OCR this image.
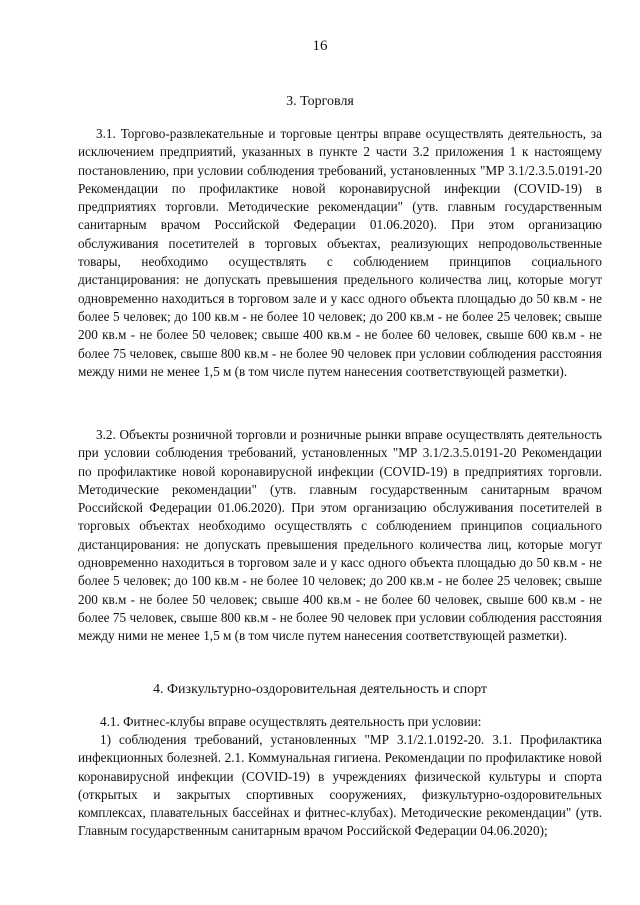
16
3. Торговля

3.1. Торгово-развлекательные и торговые центры вправе осуществлять деятельность, за исключением предприятий, указанных в пункте 2 части 3.2 приложения 1 к настоящему постановлению, при условии соблюдения требований, установленных "МР 3.1/2.3.5.0191-20 Рекомендации по профилактике новой коронавирусной инфекции (COVID-19) в предприятиях торговли. Методические рекомендации" (утв. главным государственным санитарным врачом Российской Федерации 01.06.2020). При этом организацию обслуживания посетителей в торговых объектах, реализующих непродовольственные товары, необходимо осуществлять с соблюдением принципов социального дистанцирования: не допускать превышения предельного количества лиц, которые могут одновременно находиться в торговом зале и у касс одного объекта площадью до 50 кв.м - не более 5 человек; до 100 кв.м - не более 10 человек; до 200 кв.м - не более 25 человек; свыше 200 кв.м - не более 50 человек; свыше 400 кв.м - не более 60 человек, свыше 600 кв.м - не более 75 человек, свыше 800 кв.м - не более 90 человек при условии соблюдения расстояния между ними не менее 1,5 м (в том числе путем нанесения соответствующей разметки).

3.2. Объекты розничной торговли и розничные рынки вправе осуществлять деятельность при условии соблюдения требований, установленных "МР 3.1/2.3.5.0191-20 Рекомендации по профилактике новой коронавирусной инфекции (COVID-19) в предприятиях торговли. Методические рекомендации" (утв. главным государственным санитарным врачом Российской Федерации 01.06.2020). При этом организацию обслуживания посетителей в торговых объектах необходимо осуществлять с соблюдением принципов социального дистанцирования: не допускать превышения предельного количества лиц, которые могут одновременно находиться в торговом зале и у касс одного объекта площадью до 50 кв.м - не более 5 человек; до 100 кв.м - не более 10 человек; до 200 кв.м - не более 25 человек; свыше 200 кв.м - не более 50 человек; свыше 400 кв.м - не более 60 человек, свыше 600 кв.м - не более 75 человек, свыше 800 кв.м - не более 90 человек при условии соблюдения расстояния между ними не менее 1,5 м (в том числе путем нанесения соответствующей разметки).

4. Физкультурно-оздоровительная деятельность и спорт

4.1. Фитнес-клубы вправе осуществлять деятельность при условии:

1) соблюдения требований, установленных "МР 3.1/2.1.0192-20. 3.1. Профилактика инфекционных болезней. 2.1. Коммунальная гигиена. Рекомендации по профилактике новой коронавирусной инфекции (COVID-19) в учреждениях физической культуры и спорта (открытых и закрытых спортивных сооружениях, физкультурно-оздоровительных комплексах, плавательных бассейнах и фитнес-клубах). Методические рекомендации" (утв. Главным государственным санитарным врачом Российской Федерации 04.06.2020);
